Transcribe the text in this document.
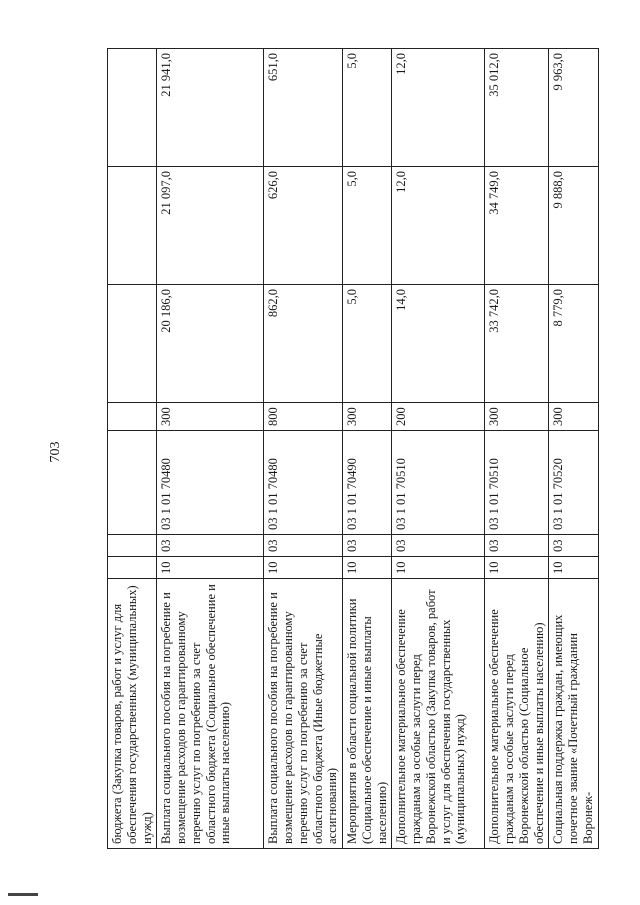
703
бюджета (Закупка товаров, работ и услуг для обеспечения государственных (муниципальных) нужд)							
Выплата социального пособия на погребение и возмещение расходов по гарантированному перечню услуг по погребению за счет областного бюджета (Социальное обеспечение и иные выплаты населению)	10	03	03 1 01 70480	300	20 186,0	21 097,0	21 941,0
Выплата социального пособия на погребение и возмещение расходов по гарантированному перечню услуг по погребению за счет областного бюджета (Иные бюджетные ассигнования)	10	03	03 1 01 70480	800	862,0	626,0	651,0
Мероприятия в области социальной политики (Социальное обеспечение и иные выплаты населению)	10	03	03 1 01 70490	300	5,0	5,0	5,0
Дополнительное материальное обеспечение гражданам за особые заслуги перед Воронежской областью (Закупка товаров, работ и услуг для обеспечения государственных (муниципальных) нужд)	10	03	03 1 01 70510	200	14,0	12,0	12,0
Дополнительное материальное обеспечение гражданам за особые заслуги перед Воронежской областью (Социальное обеспечение и иные выплаты населению)	10	03	03 1 01 70510	300	33 742,0	34 749,0	35 012,0
Социальная поддержка граждан, имеющих почетное звание «Почетный гражданин Воронеж-	10	03	03 1 01 70520	300	8 779,0	9 888,0	9 963,0
